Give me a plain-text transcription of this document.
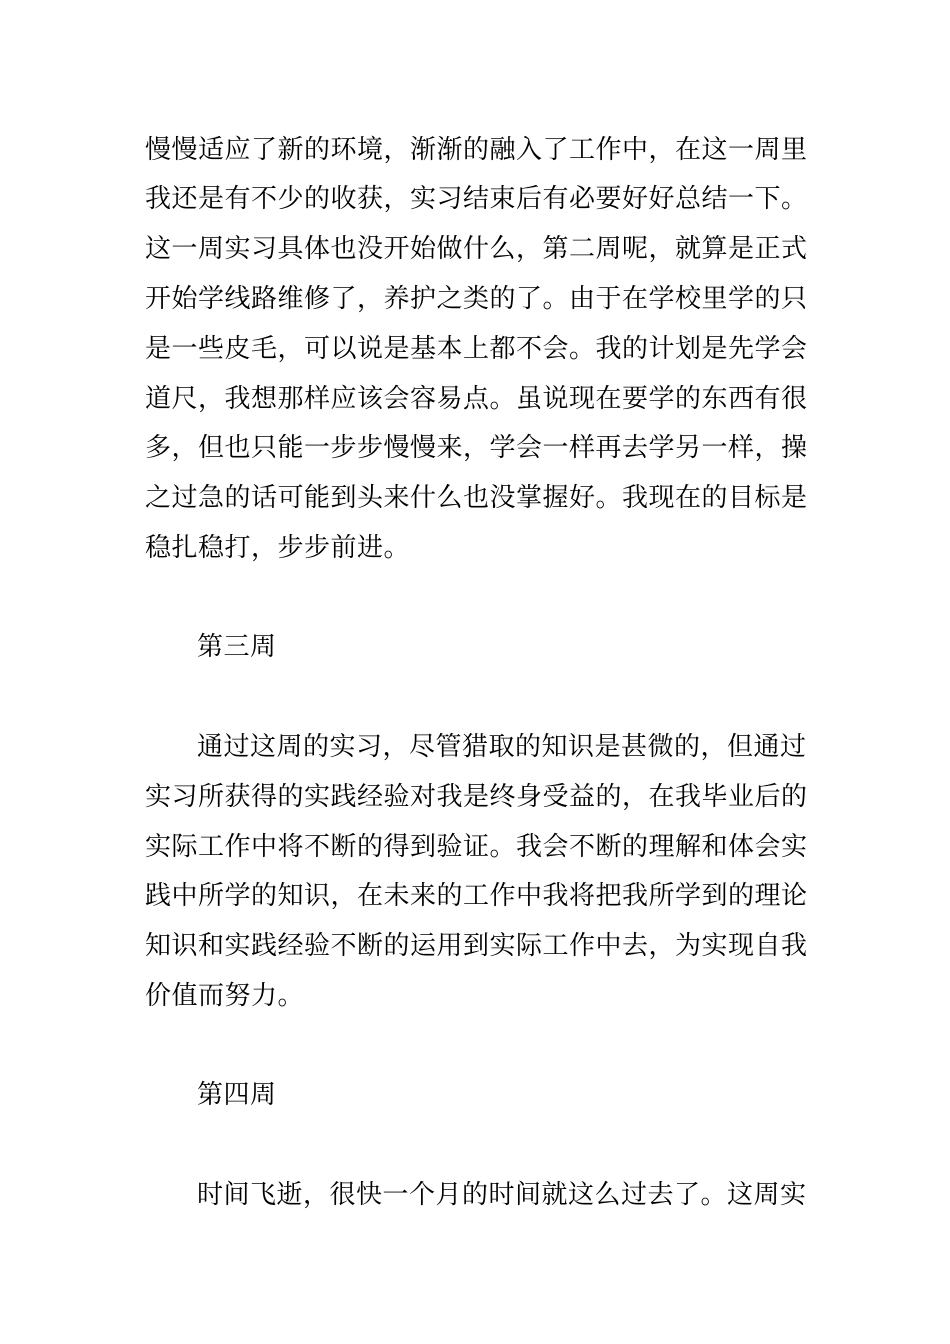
慢慢适应了新的环境，渐渐的融入了工作中，在这一周里
我还是有不少的收获，实习结束后有必要好好总结一下。
这一周实习具体也没开始做什么，第二周呢，就算是正式
开始学线路维修了，养护之类的了。由于在学校里学的只
是一些皮毛，可以说是基本上都不会。我的计划是先学会
道尺，我想那样应该会容易点。虽说现在要学的东西有很
多，但也只能一步步慢慢来，学会一样再去学另一样，操
之过急的话可能到头来什么也没掌握好。我现在的目标是
稳扎稳打，步步前进。
第三周
通过这周的实习，尽管猎取的知识是甚微的，但通过
实习所获得的实践经验对我是终身受益的，在我毕业后的
实际工作中将不断的得到验证。我会不断的理解和体会实
践中所学的知识，在未来的工作中我将把我所学到的理论
知识和实践经验不断的运用到实际工作中去，为实现自我
价值而努力。
第四周
时间飞逝，很快一个月的时间就这么过去了。这周实
